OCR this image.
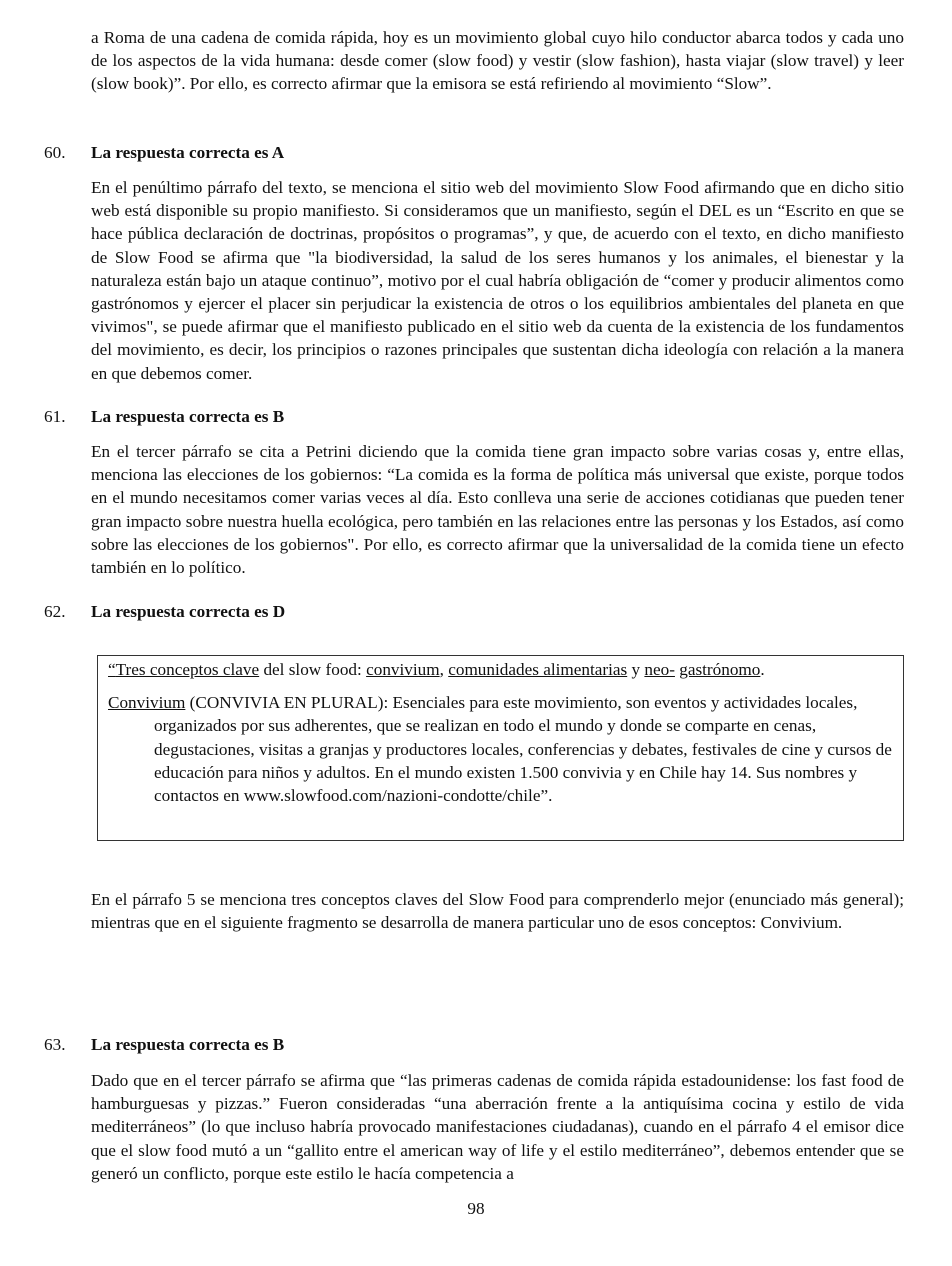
a Roma de una cadena de comida rápida, hoy es un movimiento global cuyo hilo conductor abarca todos y cada uno de los aspectos de la vida humana: desde comer (slow food) y vestir (slow fashion), hasta viajar (slow travel) y leer (slow book)”. Por ello, es correcto afirmar que la emisora se está refiriendo al movimiento “Slow”.

60. La respuesta correcta es A

En el penúltimo párrafo del texto, se menciona el sitio web del movimiento Slow Food afirmando que en dicho sitio web está disponible su propio manifiesto. Si consideramos que un manifiesto, según el DEL es un “Escrito en que se hace pública declaración de doctrinas, propósitos o programas”, y que, de acuerdo con el texto, en dicho manifiesto de Slow Food se afirma que "la biodiversidad, la salud de los seres humanos y los animales, el bienestar y la naturaleza están bajo un ataque continuo”, motivo por el cual habría obligación de “comer y producir alimentos como gastrónomos y ejercer el placer sin perjudicar la existencia de otros o los equilibrios ambientales del planeta en que vivimos", se puede afirmar que el manifiesto publicado en el sitio web da cuenta de la existencia de los fundamentos del movimiento, es decir, los principios o razones principales que sustentan dicha ideología con relación a la manera en que debemos comer.

61. La respuesta correcta es B

En el tercer párrafo se cita a Petrini diciendo que la comida tiene gran impacto sobre varias cosas y, entre ellas, menciona las elecciones de los gobiernos: “La comida es la forma de política más universal que existe, porque todos en el mundo necesitamos comer varias veces al día. Esto conlleva una serie de acciones cotidianas que pueden tener gran impacto sobre nuestra huella ecológica, pero también en las relaciones entre las personas y los Estados, así como sobre las elecciones de los gobiernos". Por ello, es correcto afirmar que la universalidad de la comida tiene un efecto también en lo político.

62. La respuesta correcta es D

“Tres conceptos clave del slow food: convivium, comunidades alimentarias y neo- gastrónomo.

Convivium (CONVIVIA EN PLURAL): Esenciales para este movimiento, son eventos y actividades locales, organizados por sus adherentes, que se realizan en todo el mundo y donde se comparte en cenas, degustaciones, visitas a granjas y productores locales, conferencias y debates, festivales de cine y cursos de educación para niños y adultos. En el mundo existen 1.500 convivia y en Chile hay 14. Sus nombres y contactos en www.slowfood.com/nazioni-condotte/chile”.

En el párrafo 5 se menciona tres conceptos claves del Slow Food para comprenderlo mejor (enunciado más general); mientras que en el siguiente fragmento se desarrolla de manera particular uno de esos conceptos: Convivium.

63. La respuesta correcta es B

Dado que en el tercer párrafo se afirma que “las primeras cadenas de comida rápida estadounidense: los fast food de hamburguesas y pizzas.” Fueron consideradas “una aberración frente a la antiquísima cocina y estilo de vida mediterráneos” (lo que incluso habría provocado manifestaciones ciudadanas), cuando en el párrafo 4 el emisor dice que el slow food mutó a un “gallito entre el american way of life y el estilo mediterráneo”, debemos entender que se generó un conflicto, porque este estilo le hacía competencia a

98
